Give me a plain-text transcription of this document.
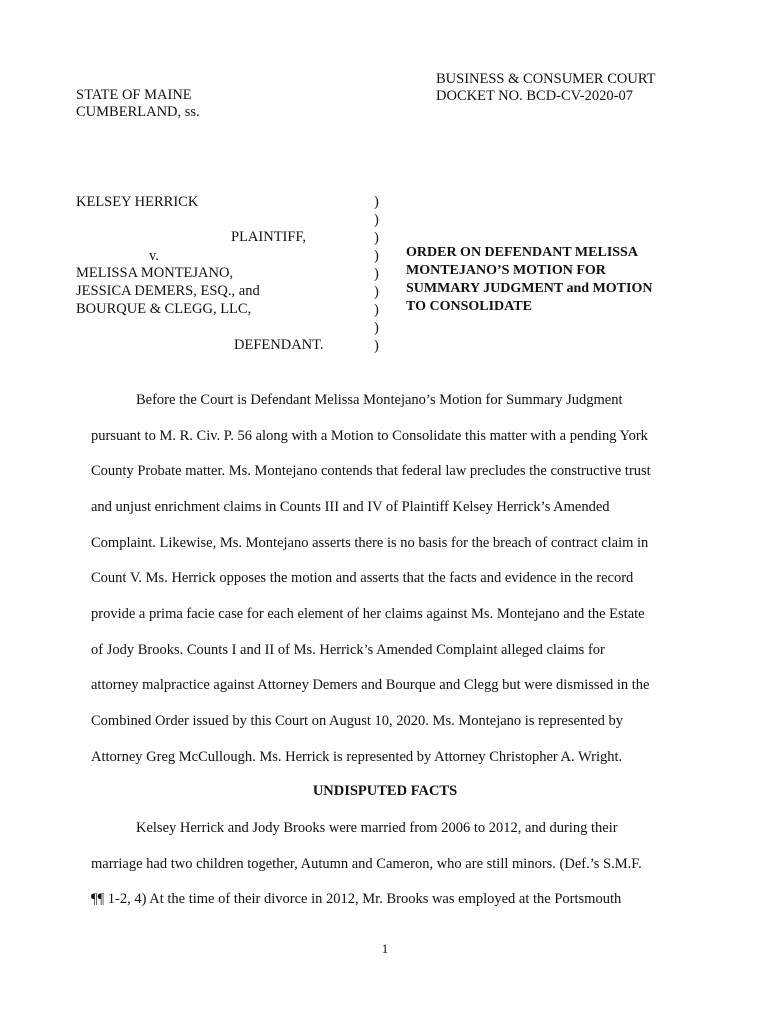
STATE OF MAINE
CUMBERLAND, ss.
BUSINESS & CONSUMER COURT
DOCKET NO. BCD-CV-2020-07
KELSEY HERRICK
PLAINTIFF,
v.
MELISSA MONTEJANO,
JESSICA DEMERS, ESQ., and
BOURQUE & CLEGG, LLC,
DEFENDANT.
)
)
)
)
)
)
)
)
)
ORDER ON DEFENDANT MELISSA
MONTEJANO’S MOTION FOR
SUMMARY JUDGMENT and MOTION
TO CONSOLIDATE
Before the Court is Defendant Melissa Montejano’s Motion for Summary Judgment
pursuant to M. R. Civ. P. 56 along with a Motion to Consolidate this matter with a pending York
County Probate matter. Ms. Montejano contends that federal law precludes the constructive trust
and unjust enrichment claims in Counts III and IV of Plaintiff Kelsey Herrick’s Amended
Complaint. Likewise, Ms. Montejano asserts there is no basis for the breach of contract claim in
Count V. Ms. Herrick opposes the motion and asserts that the facts and evidence in the record
provide a prima facie case for each element of her claims against Ms. Montejano and the Estate
of Jody Brooks. Counts I and II of Ms. Herrick’s Amended Complaint alleged claims for
attorney malpractice against Attorney Demers and Bourque and Clegg but were dismissed in the
Combined Order issued by this Court on August 10, 2020. Ms. Montejano is represented by
Attorney Greg McCullough. Ms. Herrick is represented by Attorney Christopher A. Wright.
UNDISPUTED FACTS
Kelsey Herrick and Jody Brooks were married from 2006 to 2012, and during their
marriage had two children together, Autumn and Cameron, who are still minors. (Def.’s S.M.F.
¶¶ 1-2, 4) At the time of their divorce in 2012, Mr. Brooks was employed at the Portsmouth
1
